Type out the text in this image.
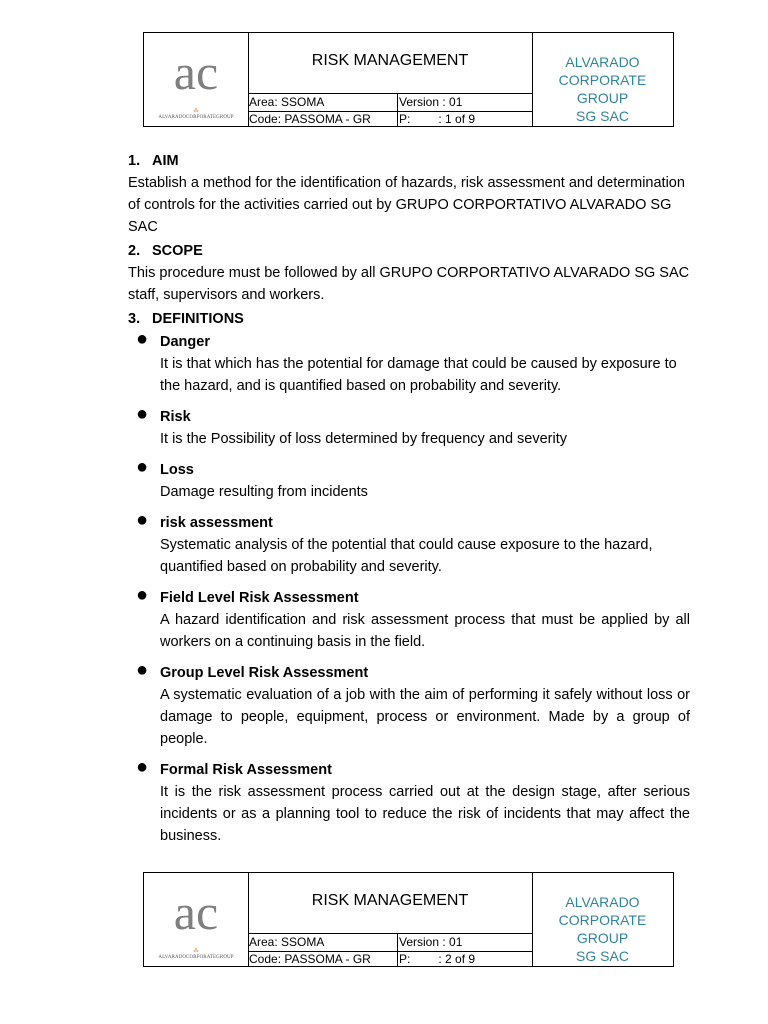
ac
⁂ ALVARADOCORPORATEGROUP
RISK MANAGEMENT
Area: SSOMA	Version : 01
Code: PASSOMA - GR	P: : 1 of 9
ALVARADO
CORPORATE GROUP
SG SAC
1. AIM

Establish a method for the identification of hazards, risk assessment and determination of controls for the activities carried out by GRUPO CORPORTATIVO ALVARADO SG SAC

2. SCOPE

This procedure must be followed by all GRUPO CORPORTATIVO ALVARADO SG SAC staff, supervisors and workers.

3. DEFINITIONS
● Danger
It is that which has the potential for damage that could be caused by exposure to the hazard, and is quantified based on probability and severity.
● Risk
It is the Possibility of loss determined by frequency and severity
● Loss
Damage resulting from incidents
● risk assessment
Systematic analysis of the potential that could cause exposure to the hazard, quantified based on probability and severity.
● Field Level Risk Assessment
A hazard identification and risk assessment process that must be applied by all workers on a continuing basis in the field.
● Group Level Risk Assessment
A systematic evaluation of a job with the aim of performing it safely without loss or damage to people, equipment, process or environment. Made by a group of people.
● Formal Risk Assessment
It is the risk assessment process carried out at the design stage, after serious incidents or as a planning tool to reduce the risk of incidents that may affect the business.
ac
⁂ ALVARADOCORPORATEGROUP
RISK MANAGEMENT
Area: SSOMA	Version : 01
Code: PASSOMA - GR	P: : 2 of 9
ALVARADO
CORPORATE GROUP
SG SAC
